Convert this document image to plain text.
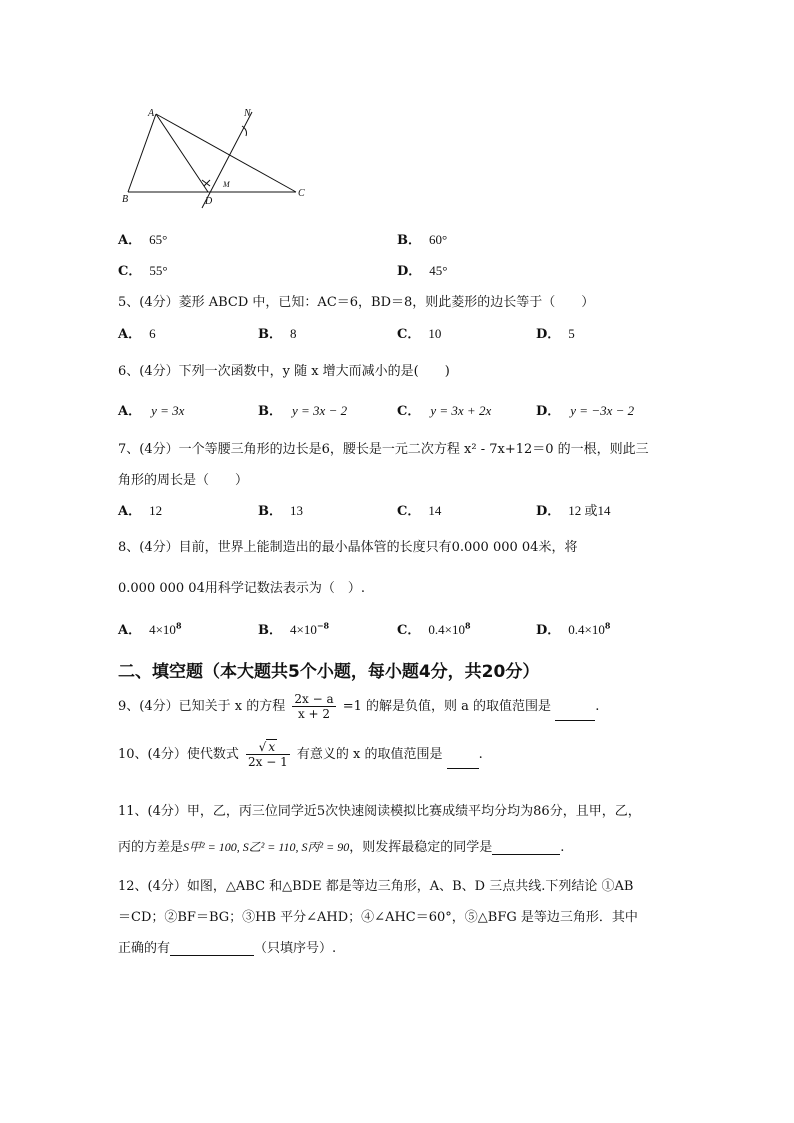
A
B
C
D
M
N
A． 65°	B． 60°
C． 55°	D． 45°
5、(4分）菱形 ABCD 中，已知：AC＝6，BD＝8，则此菱形的边长等于（　　）
A． 6	B． 8	C． 10	D． 5
6、(4分）下列一次函数中，y 随 x 增大而减小的是(　　)
A． y = 3x	B． y = 3x − 2	C． y = 3x + 2x	D． y = −3x − 2
7、(4分）一个等腰三角形的边长是6，腰长是一元二次方程 x² - 7x+12＝0 的一根，则此三
角形的周长是（　　）
A． 12	B． 13	C． 14	D． 12 或14
8、(4分）目前，世界上能制造出的最小晶体管的长度只有0.000 000 04米，将
0.000 000 04用科学记数法表示为（　）.
A． $4\times 10^8$	B． $4\times 10^{-8}$	C． $0.4\times 10^8$	D． $0.4\times 10^8$
二、填空题（本大题共5个小题，每小题4分，共20分）
9、(4分）已知关于 x 的方程 $\frac{2x - a}{x + 2} =1$ 的解是负值，则 a 的取值范围是	.
10、(4分）使代数式 $\frac{√ x}{2x - 1}$ 有意义的 x 的取值范围是	.
11、(4分）甲，乙，丙三位同学近5次快速阅读模拟比赛成绩平均分均为86分，且甲，乙，
丙的方差是S甲² = 100, S乙² = 110, S丙² = 90，则发挥最稳定的同学是	.
12、(4分）如图，△ABC 和△BDE 都是等边三角形，A、B、D 三点共线.下列结论 ①AB
＝CD；②BF＝BG；③HB 平分∠AHD；④∠AHC＝60°，⑤△BFG 是等边三角形．其中
正确的有	（只填序号）.
